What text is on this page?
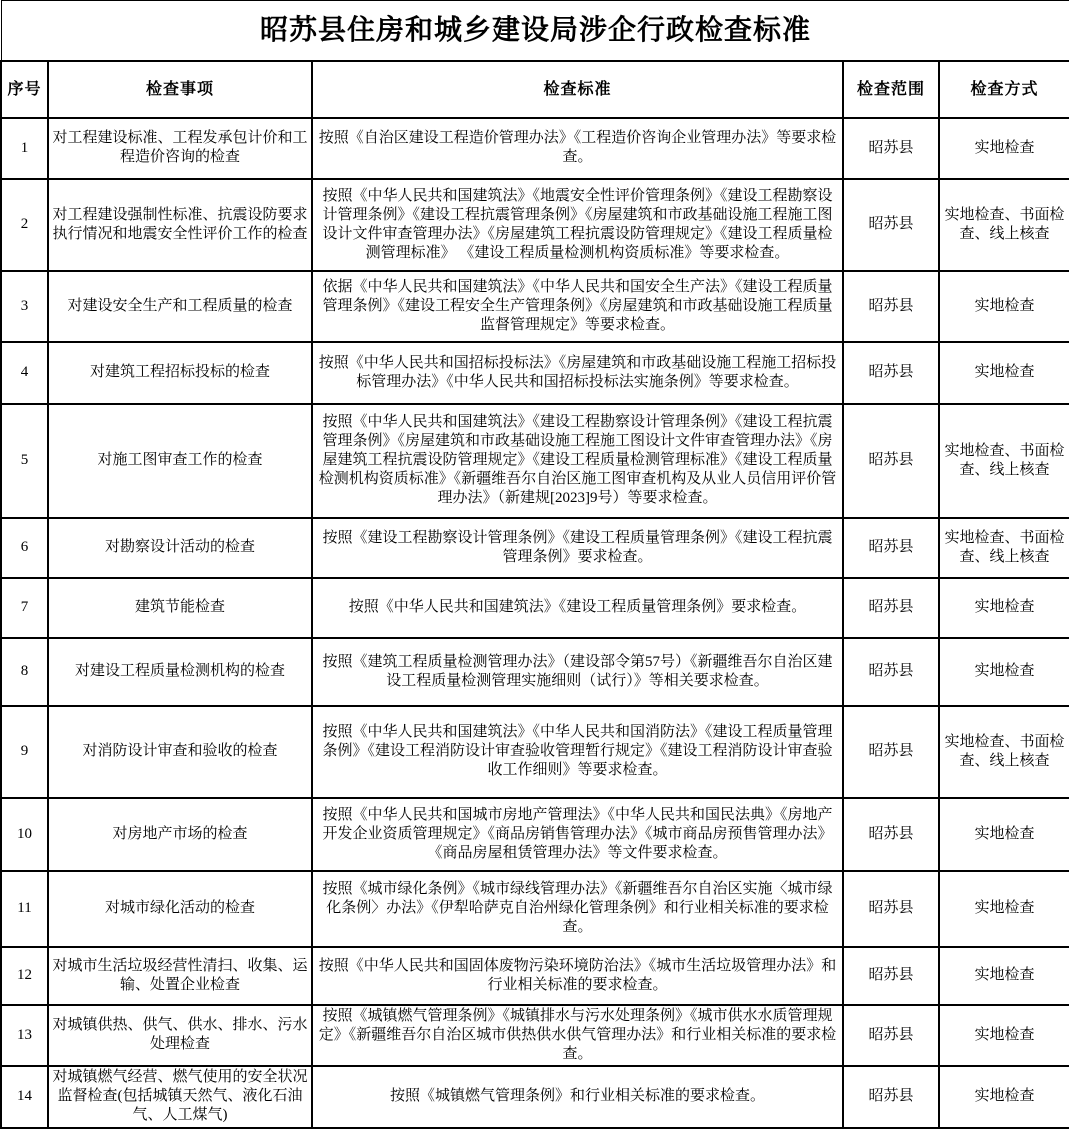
昭苏县住房和城乡建设局涉企行政检查标准				
序号	检查事项	检查标准	检查范围	检查方式
1	对工程建设标准、工程发承包计价和工程造价咨询的检查	按照《自治区建设工程造价管理办法》《工程造价咨询企业管理办法》等要求检查。	昭苏县	实地检查
2	对工程建设强制性标准、抗震设防要求执行情况和地震安全性评价工作的检查	按照《中华人民共和国建筑法》《地震安全性评价管理条例》《建设工程勘察设计管理条例》《建设工程抗震管理条例》《房屋建筑和市政基础设施工程施工图设计文件审查管理办法》《房屋建筑工程抗震设防管理规定》《建设工程质量检测管理标准》 《建设工程质量检测机构资质标准》等要求检查。	昭苏县	实地检查、书面检查、线上核查
3	对建设安全生产和工程质量的检查	依据《中华人民共和国建筑法》《中华人民共和国安全生产法》《建设工程质量管理条例》《建设工程安全生产管理条例》《房屋建筑和市政基础设施工程质量监督管理规定》等要求检查。	昭苏县	实地检查
4	对建筑工程招标投标的检查	按照《中华人民共和国招标投标法》《房屋建筑和市政基础设施工程施工招标投标管理办法》《中华人民共和国招标投标法实施条例》等要求检查。	昭苏县	实地检查
5	对施工图审查工作的检查	按照《中华人民共和国建筑法》《建设工程勘察设计管理条例》《建设工程抗震管理条例》《房屋建筑和市政基础设施工程施工图设计文件审查管理办法》《房屋建筑工程抗震设防管理规定》《建设工程质量检测管理标准》《建设工程质量检测机构资质标准》《新疆维吾尔自治区施工图审查机构及从业人员信用评价管理办法》（新建规[2023]9号）等要求检查。	昭苏县	实地检查、书面检查、线上核查
6	对勘察设计活动的检查	按照《建设工程勘察设计管理条例》《建设工程质量管理条例》《建设工程抗震管理条例》要求检查。	昭苏县	实地检查、书面检查、线上核查
7	建筑节能检查	按照《中华人民共和国建筑法》《建设工程质量管理条例》要求检查。	昭苏县	实地检查
8	对建设工程质量检测机构的检查	按照《建筑工程质量检测管理办法》（建设部令第57号）《新疆维吾尔自治区建设工程质量检测管理实施细则（试行）》等相关要求检查。	昭苏县	实地检查
9	对消防设计审查和验收的检查	按照《中华人民共和国建筑法》《中华人民共和国消防法》《建设工程质量管理条例》《建设工程消防设计审查验收管理暂行规定》《建设工程消防设计审查验收工作细则》等要求检查。	昭苏县	实地检查、书面检查、线上核查
10	对房地产市场的检查	按照《中华人民共和国城市房地产管理法》《中华人民共和国民法典》《房地产开发企业资质管理规定》《商品房销售管理办法》《城市商品房预售管理办法》《商品房屋租赁管理办法》等文件要求检查。	昭苏县	实地检查
11	对城市绿化活动的检查	按照《城市绿化条例》《城市绿线管理办法》《新疆维吾尔自治区实施〈城市绿化条例〉办法》《伊犁哈萨克自治州绿化管理条例》和行业相关标准的要求检查。	昭苏县	实地检查
12	对城市生活垃圾经营性清扫、收集、运输、处置企业检查	按照《中华人民共和国固体废物污染环境防治法》《城市生活垃圾管理办法》和行业相关标准的要求检查。	昭苏县	实地检查
13	对城镇供热、供气、供水、排水、污水处理检查	按照《城镇燃气管理条例》《城镇排水与污水处理条例》《城市供水水质管理规定》《新疆维吾尔自治区城市供热供水供气管理办法》和行业相关标准的要求检查。	昭苏县	实地检查
14	对城镇燃气经营、燃气使用的安全状况监督检查(包括城镇天然气、液化石油气、人工煤气)	按照《城镇燃气管理条例》和行业相关标准的要求检查。	昭苏县	实地检查
